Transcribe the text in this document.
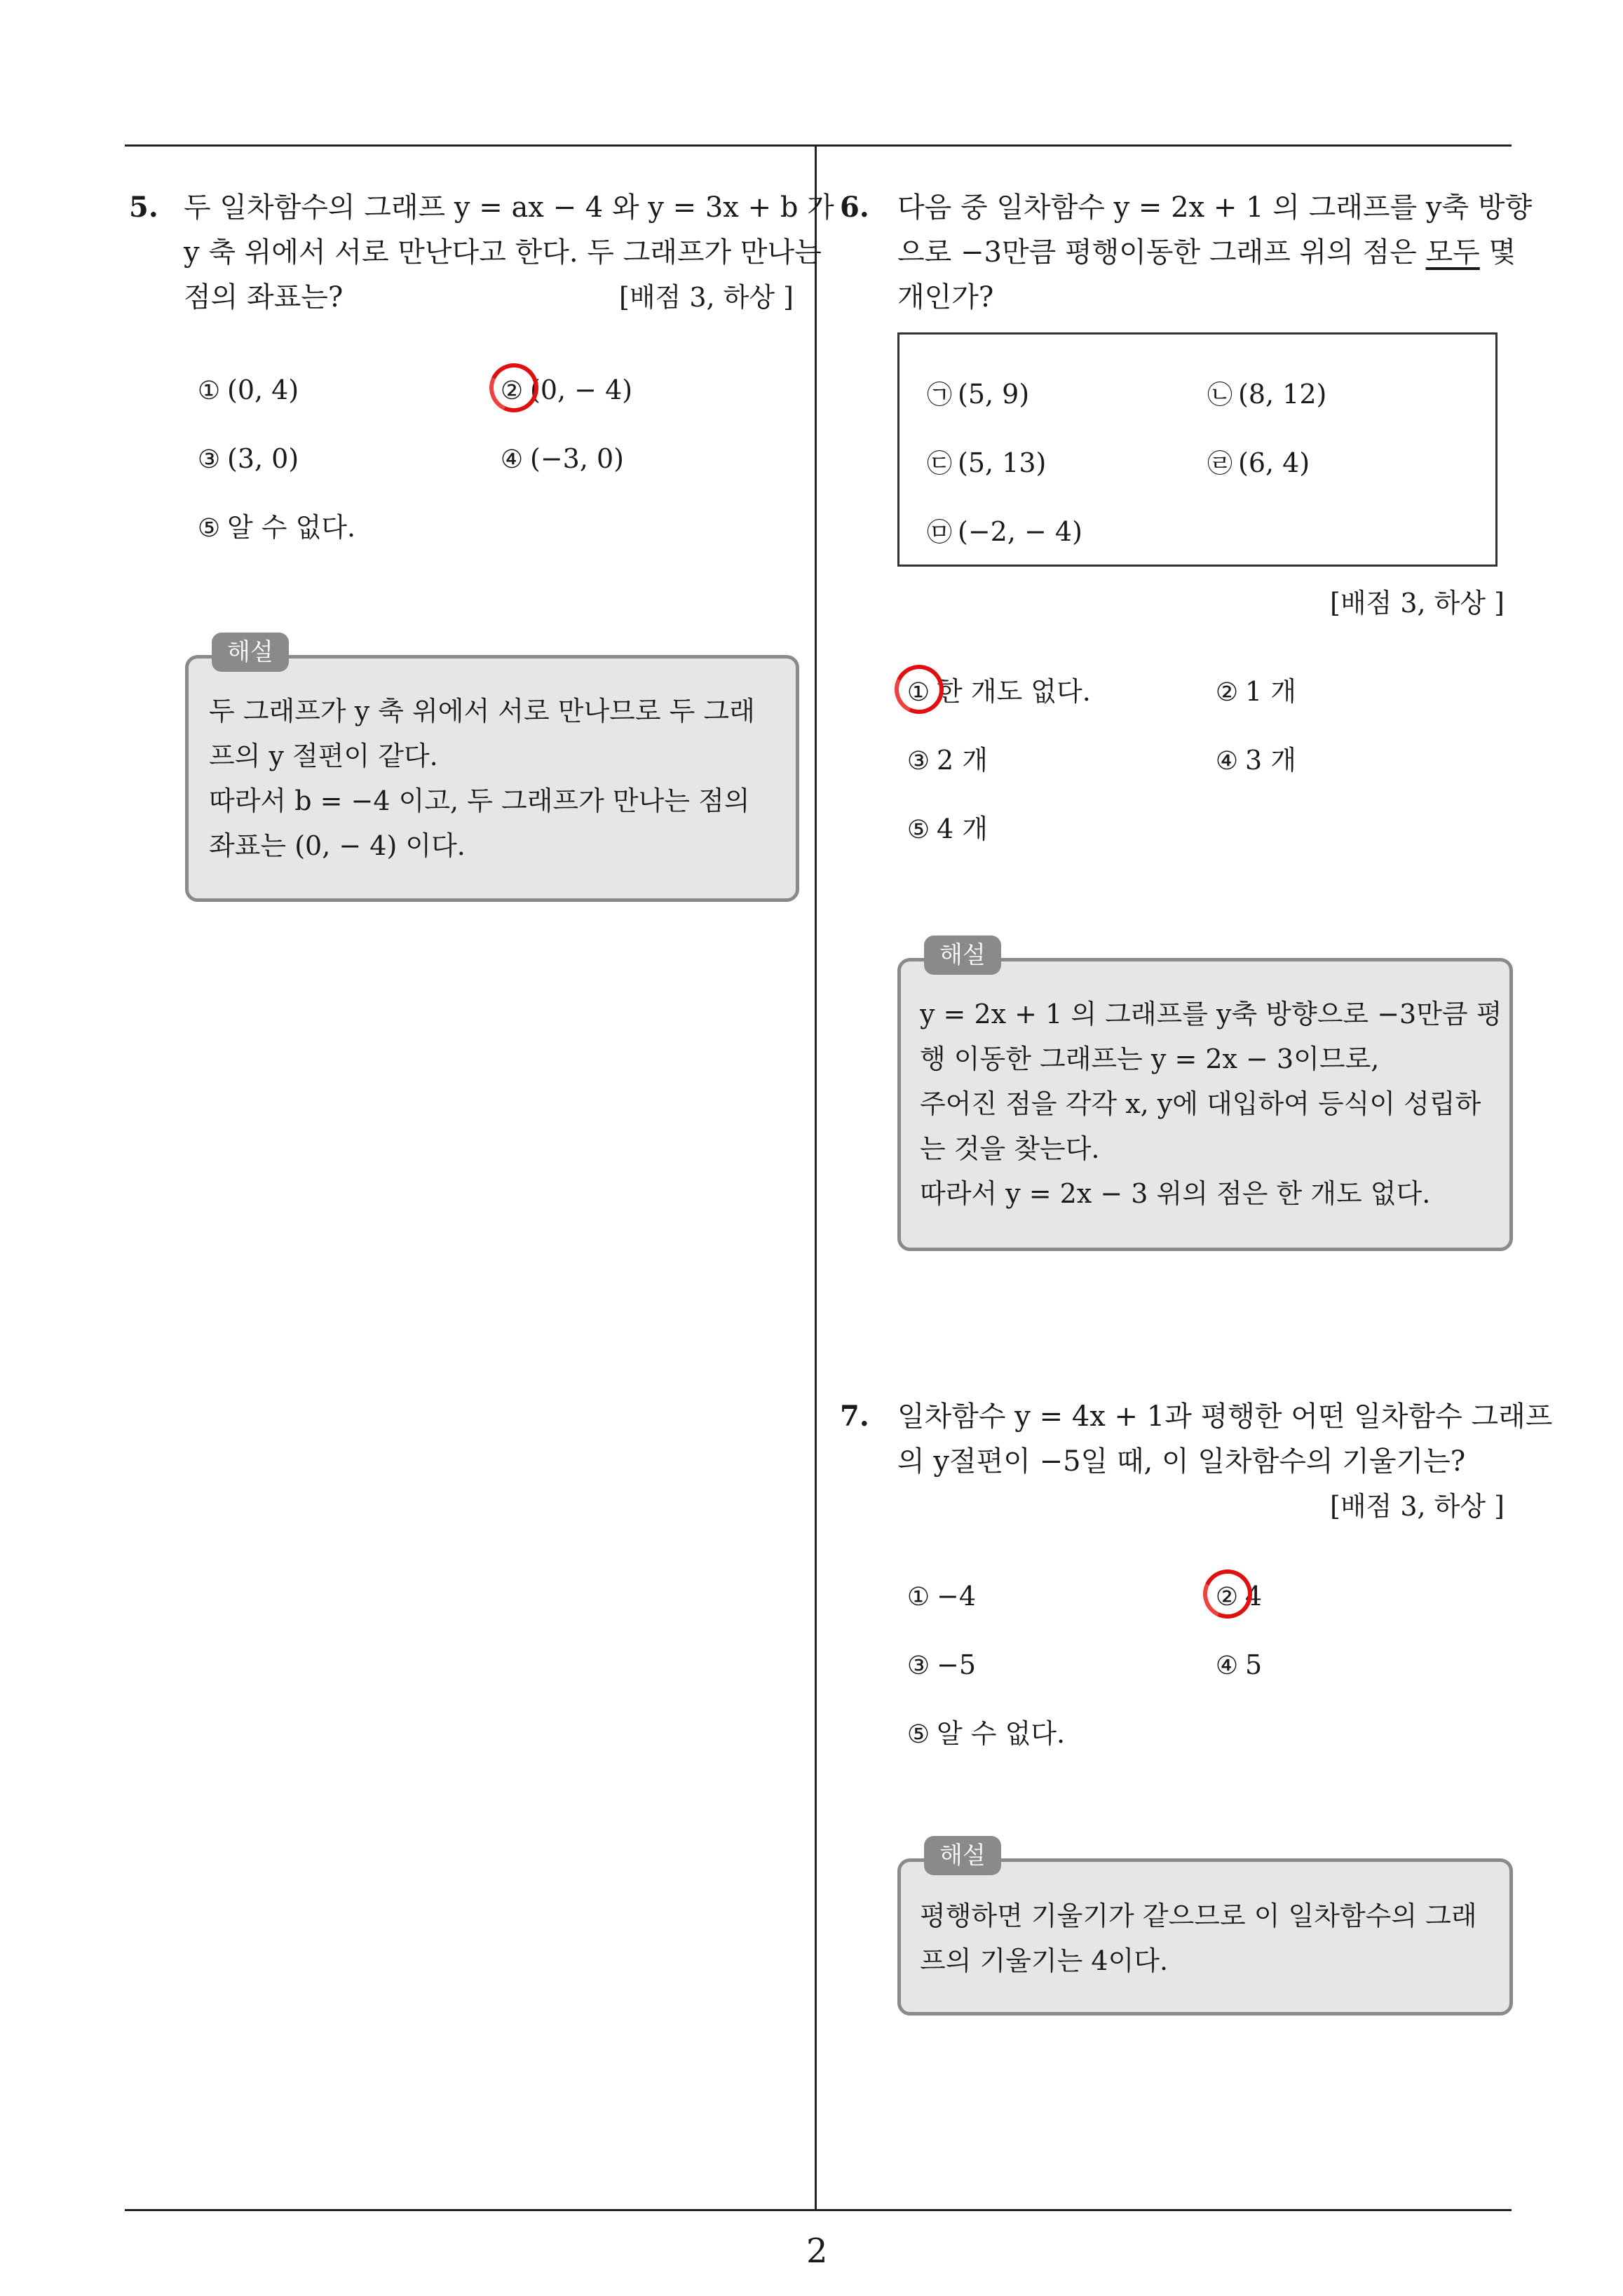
5. 두 일차함수의 그래프 y = ax − 4 와 y = 3x + b 가
y 축 위에서 서로 만난다고 한다. 두 그래프가 만나는
점의 좌표는?	[배점 3, 하상 ]
① (0, 4)	② (0, − 4)
③ (3, 0)	④ (−3, 0)
⑤ 알 수 없다.
해설
두 그래프가 y 축 위에서 서로 만나므로 두 그래
프의 y 절편이 같다.
따라서 b = −4 이고, 두 그래프가 만나는 점의
좌표는 (0, − 4) 이다.
6. 다음 중 일차함수 y = 2x + 1 의 그래프를 y축 방향
으로 −3만큼 평행이동한 그래프 위의 점은 모두 몇
개인가?
㉠ (5, 9)	㉡ (8, 12)
㉢ (5, 13)	㉣ (6, 4)
㉤ (−2, − 4)
[배점 3, 하상 ]
① 한 개도 없다.	② 1 개
③ 2 개	④ 3 개
⑤ 4 개
해설
y = 2x + 1 의 그래프를 y축 방향으로 −3만큼 평
행 이동한 그래프는 y = 2x − 3이므로,
주어진 점을 각각 x, y에 대입하여 등식이 성립하
는 것을 찾는다.
따라서 y = 2x − 3 위의 점은 한 개도 없다.
7. 일차함수 y = 4x + 1과 평행한 어떤 일차함수 그래프
의 y절편이 −5일 때, 이 일차함수의 기울기는?
[배점 3, 하상 ]
① −4	② 4
③ −5	④ 5
⑤ 알 수 없다.
해설
평행하면 기울기가 같으므로 이 일차함수의 그래
프의 기울기는 4이다.
2
